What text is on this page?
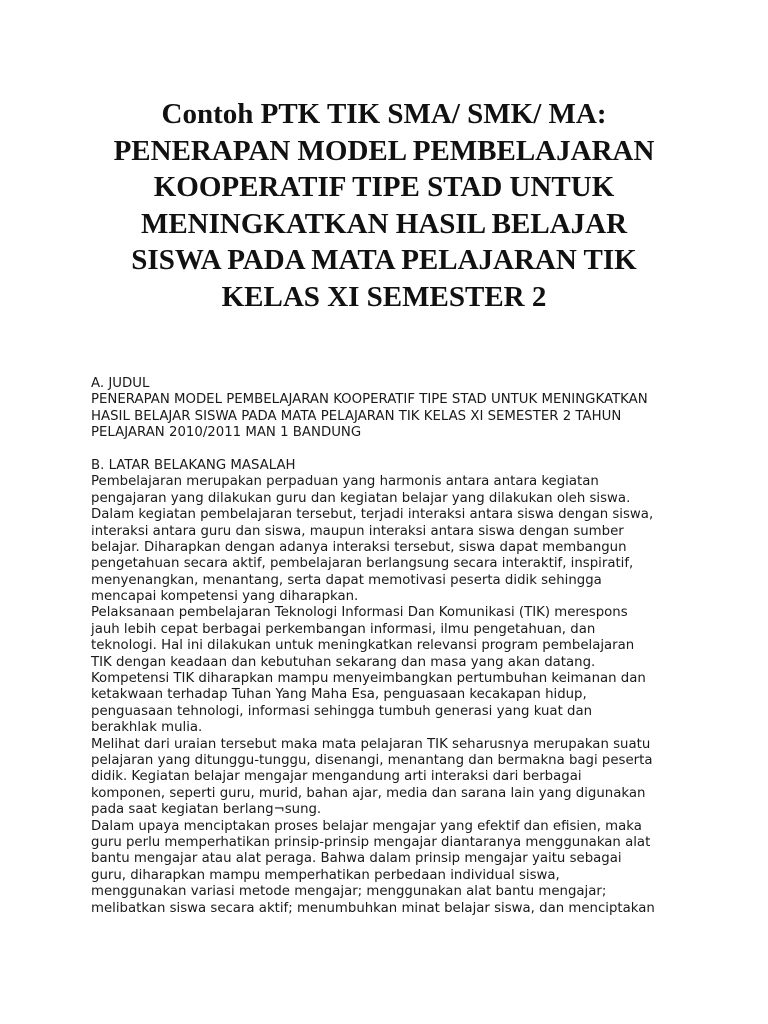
Contoh PTK TIK SMA/ SMK/ MA:
PENERAPAN MODEL PEMBELAJARAN
KOOPERATIF TIPE STAD UNTUK
MENINGKATKAN HASIL BELAJAR
SISWA PADA MATA PELAJARAN TIK
KELAS XI SEMESTER 2
A. JUDUL
PENERAPAN MODEL PEMBELAJARAN KOOPERATIF TIPE STAD UNTUK MENINGKATKAN
HASIL BELAJAR SISWA PADA MATA PELAJARAN TIK KELAS XI SEMESTER 2 TAHUN
PELAJARAN 2010/2011 MAN 1 BANDUNG
B. LATAR BELAKANG MASALAH
Pembelajaran merupakan perpaduan yang harmonis antara antara kegiatan
pengajaran yang dilakukan guru dan kegiatan belajar yang dilakukan oleh siswa.
Dalam kegiatan pembelajaran tersebut, terjadi interaksi antara siswa dengan siswa,
interaksi antara guru dan siswa, maupun interaksi antara siswa dengan sumber
belajar. Diharapkan dengan adanya interaksi tersebut, siswa dapat membangun
pengetahuan secara aktif, pembelajaran berlangsung secara interaktif, inspiratif,
menyenangkan, menantang, serta dapat memotivasi peserta didik sehingga
mencapai kompetensi yang diharapkan.
Pelaksanaan pembelajaran Teknologi Informasi Dan Komunikasi (TIK) merespons
jauh lebih cepat berbagai perkembangan informasi, ilmu pengetahuan, dan
teknologi. Hal ini dilakukan untuk meningkatkan relevansi program pembelajaran
TIK dengan keadaan dan kebutuhan sekarang dan masa yang akan datang.
Kompetensi TIK diharapkan mampu menyeimbangkan pertumbuhan keimanan dan
ketakwaan terhadap Tuhan Yang Maha Esa, penguasaan kecakapan hidup,
penguasaan tehnologi, informasi sehingga tumbuh generasi yang kuat dan
berakhlak mulia.
Melihat dari uraian tersebut maka mata pelajaran TIK seharusnya merupakan suatu
pelajaran yang ditunggu-tunggu, disenangi, menantang dan bermakna bagi peserta
didik. Kegiatan belajar mengajar mengandung arti interaksi dari berbagai
komponen, seperti guru, murid, bahan ajar, media dan sarana lain yang digunakan
pada saat kegiatan berlang¬sung.
Dalam upaya menciptakan proses belajar mengajar yang efektif dan efisien, maka
guru perlu memperhatikan prinsip-prinsip mengajar diantaranya menggunakan alat
bantu mengajar atau alat peraga. Bahwa dalam prinsip mengajar yaitu sebagai
guru, diharapkan mampu memperhatikan perbedaan individual siswa,
menggunakan variasi metode mengajar; menggunakan alat bantu mengajar;
melibatkan siswa secara aktif; menumbuhkan minat belajar siswa, dan menciptakan
